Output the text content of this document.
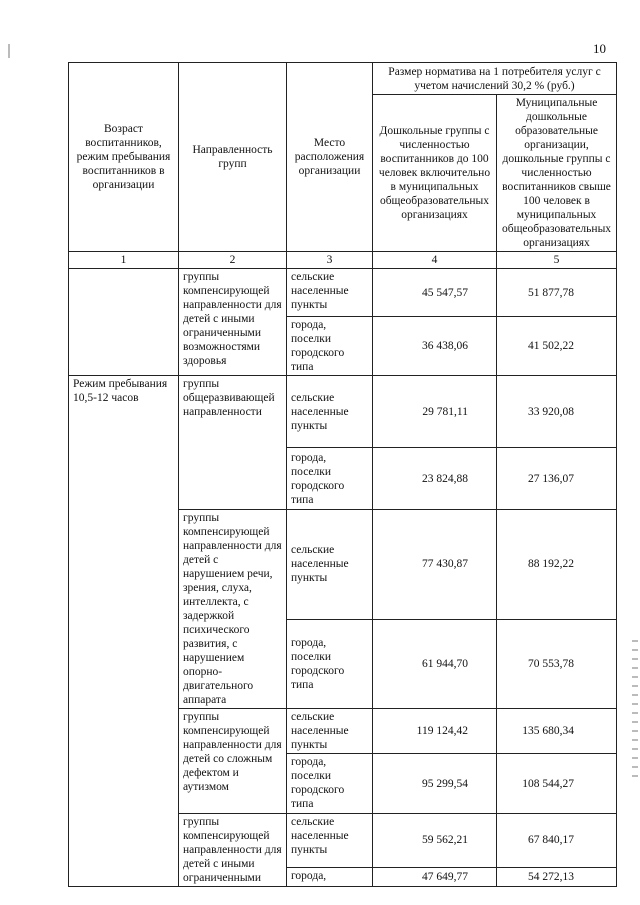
10
Возраст воспитанников, режим пребывания воспитанников в организации	Направленность групп	Место расположения организации	Размер норматива на 1 потребителя услуг с учетом начислений 30,2 % (руб.)	
			Дошкольные группы с численностью воспитанников до 100 человек включительно в муниципальных общеобразовательных организациях	Муниципальные дошкольные образовательные организации, дошкольные группы с численностью воспитанников свыше 100 человек в муниципальных общеобразовательных организациях
1	2	3	4	5
	группы компенсирующей направленности для детей с иными ограниченными возможностями здоровья	сельские населенные пункты	45 547,57	51 877,78
		города, поселки городского типа	36 438,06	41 502,22
Режим пребывания 10,5-12 часов	группы общеразвивающей направленности	сельские населенные пункты	29 781,11	33 920,08
		города, поселки городского типа	23 824,88	27 136,07
	группы компенсирующей направленности для детей с нарушением речи, зрения, слуха, интеллекта, с задержкой психического развития, с нарушением опорно-двигательного аппарата	сельские населенные пункты	77 430,87	88 192,22
		города, поселки городского типа	61 944,70	70 553,78
	группы компенсирующей направленности для детей со сложным дефектом и аутизмом	сельские населенные пункты	119 124,42	135 680,34
		города, поселки городского типа	95 299,54	108 544,27
	группы компенсирующей направленности для детей с иными ограниченными	сельские населенные пункты	59 562,21	67 840,17
		города,	47 649,77	54 272,13
